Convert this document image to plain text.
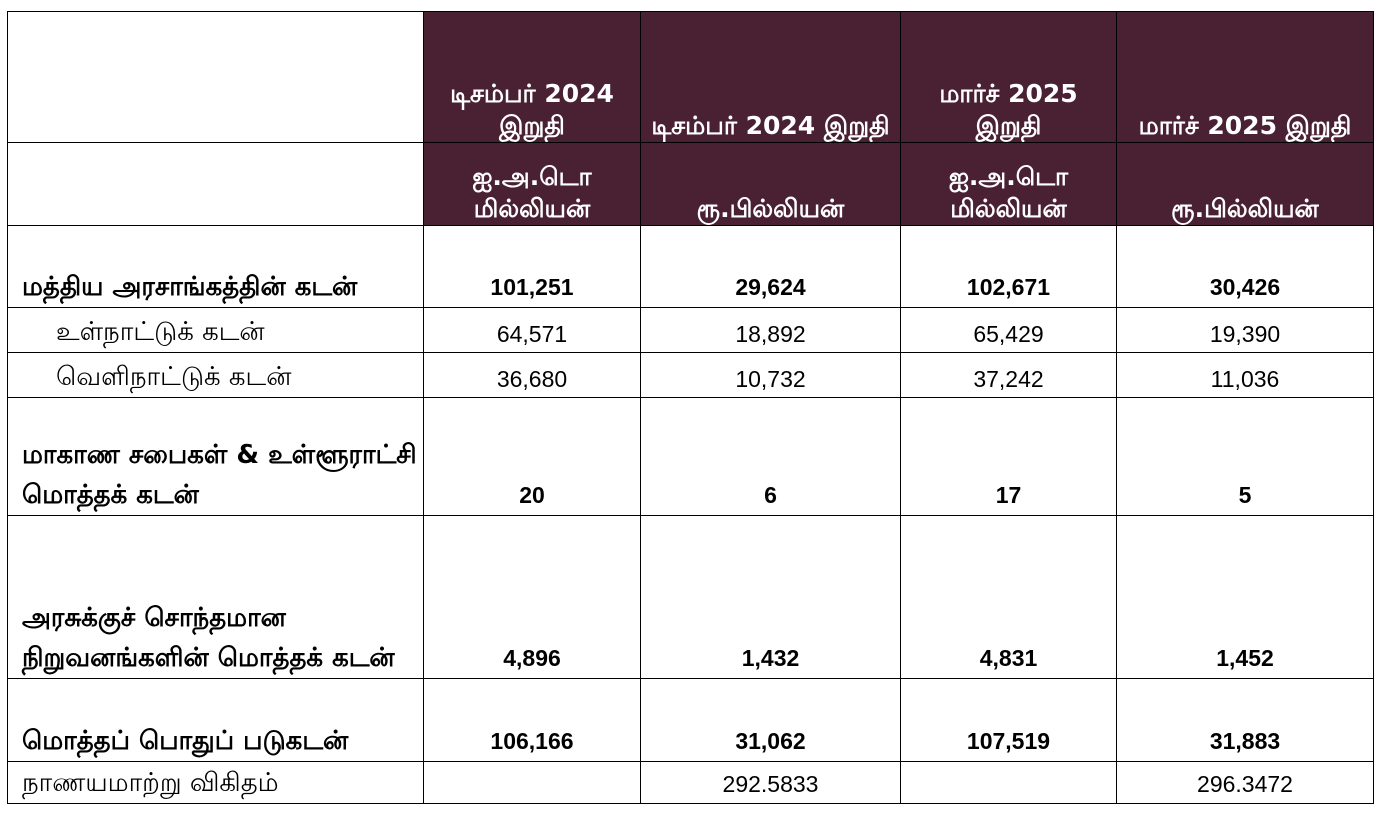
	டிசம்பர் 2024 இறுதி	டிசம்பர் 2024 இறுதி	மார்ச் 2025 இறுதி	மார்ச் 2025 இறுதி
	ஐ.அ.டொ மில்லியன்	ரூ.பில்லியன்	ஐ.அ.டொ மில்லியன்	ரூ.பில்லியன்
மத்திய அரசாங்கத்தின் கடன்	101,251	29,624	102,671	30,426
உள்நாட்டுக் கடன்	64,571	18,892	65,429	19,390
வெளிநாட்டுக் கடன்	36,680	10,732	37,242	11,036
மாகாண சபைகள் & உள்ளூராட்சி மொத்தக் கடன்	20	6	17	5
அரசுக்குச் சொந்தமான நிறுவனங்களின் மொத்தக் கடன்	4,896	1,432	4,831	1,452
மொத்தப் பொதுப் படுகடன்	106,166	31,062	107,519	31,883
நாணயமாற்று விகிதம்		292.5833		296.3472
